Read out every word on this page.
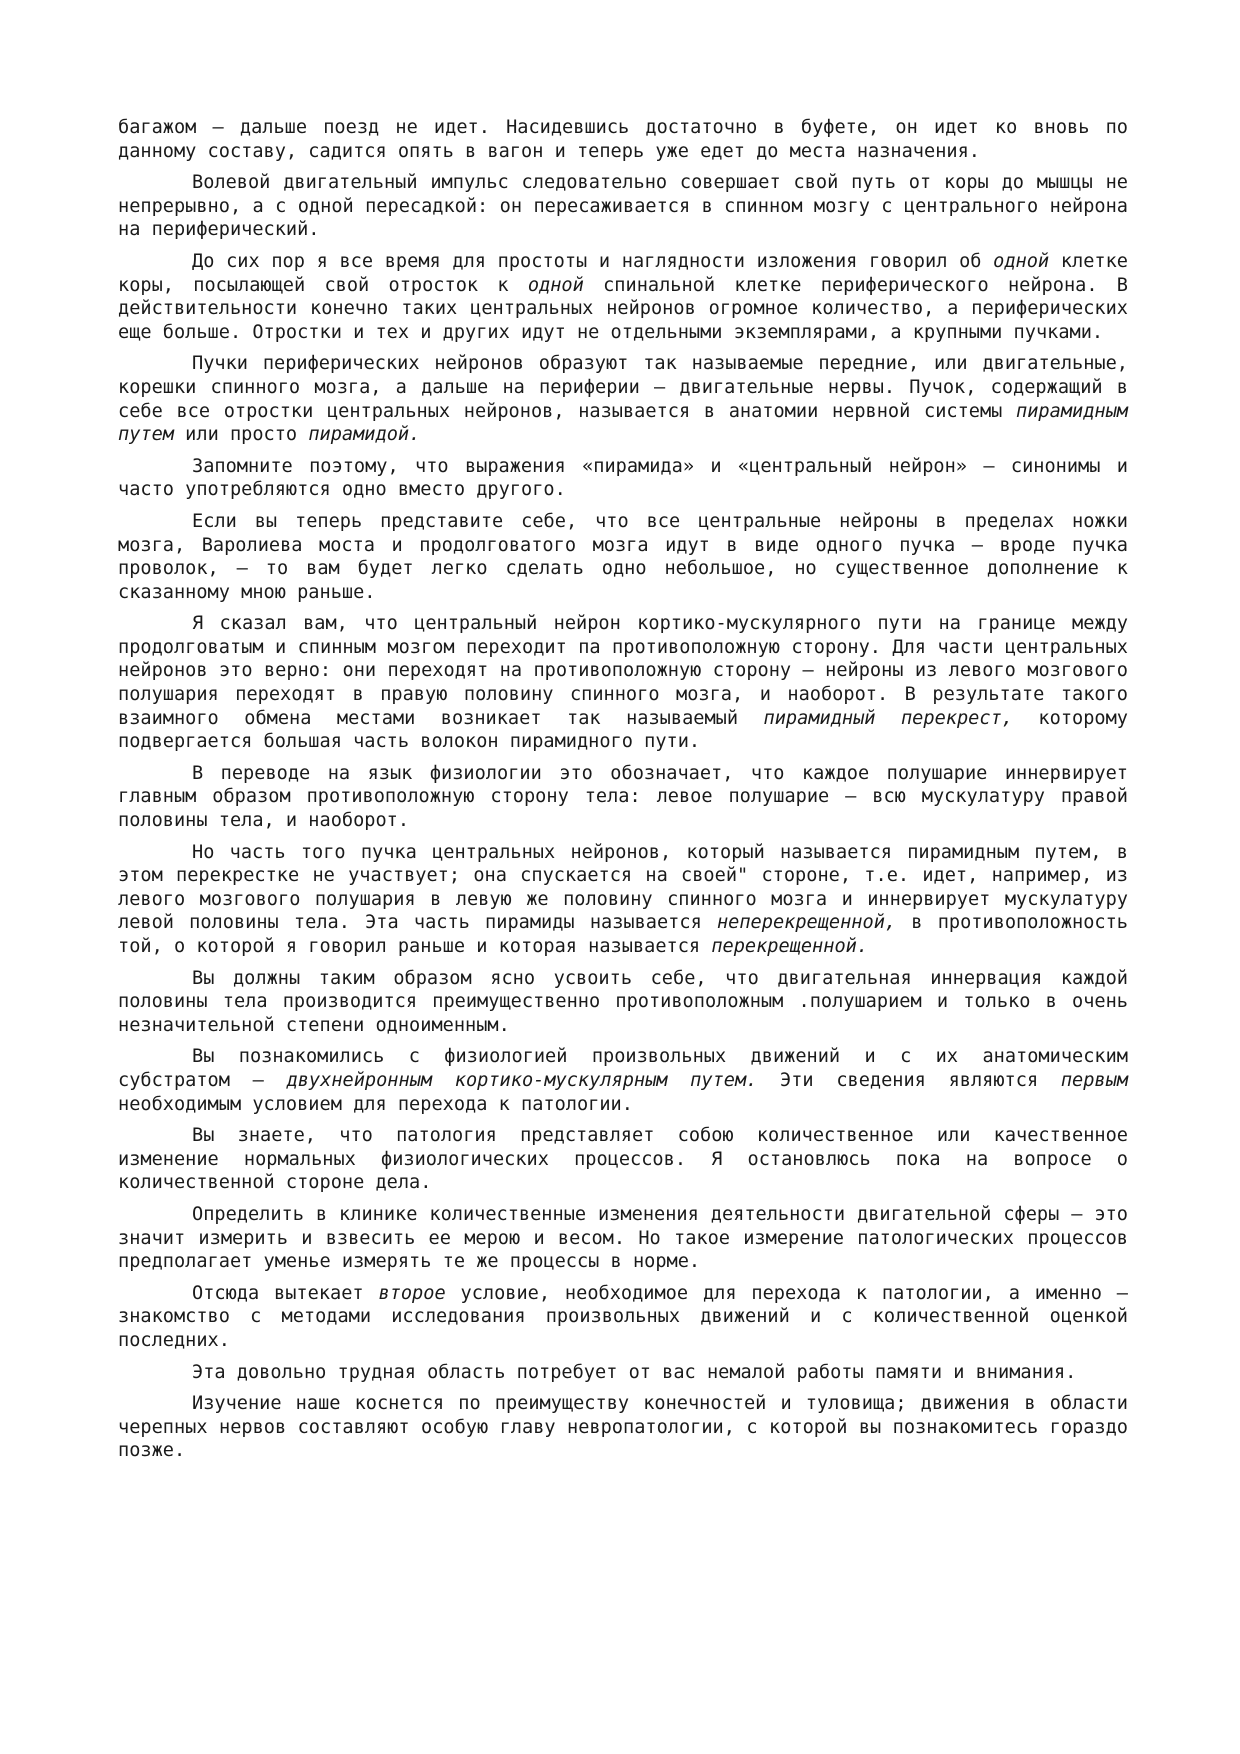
багажом — дальше поезд не идет. Насидевшись достаточно в буфете, он идет ко вновь по данному составу, садится опять в вагон и теперь уже едет до места назначения.

Волевой двигательный импульс следовательно совершает свой путь от коры до мышцы не непрерывно, а с одной пересадкой: он пересаживается в спинном мозгу с центрального нейрона на периферический.

До сих пор я все время для простоты и наглядности изложения говорил об одной клетке коры, посылающей свой отросток к одной спинальной клетке периферического нейрона. В действительности конечно таких центральных нейронов огромное количество, а периферических еще больше. Отростки и тех и других идут не отдельными экземплярами, а крупными пучками.

Пучки периферических нейронов образуют так называемые передние, или двигательные, корешки спинного мозга, а дальше на периферии — двигательные нервы. Пучок, содержащий в себе все отростки центральных нейронов, называется в анатомии нервной системы пирамидным путем или просто пирамидой.

Запомните поэтому, что выражения «пирамида» и «центральный нейрон» — синонимы и часто употребляются одно вместо другого.

Если вы теперь представите себе, что все центральные нейроны в пределах ножки мозга, Варолиева моста и продолговатого мозга идут в виде одного пучка — вроде пучка проволок, — то вам будет легко сделать одно небольшое, но существенное дополнение к сказанному мною раньше.

Я сказал вам, что центральный нейрон кортико-мускулярного пути на границе между продолговатым и спинным мозгом переходит па противоположную сторону. Для части центральных нейронов это верно: они переходят на противоположную сторону — нейроны из левого мозгового полушария переходят в правую половину спинного мозга, и наоборот. В результате такого взаимного обмена местами возникает так называемый пирамидный перекрест, которому подвергается большая часть волокон пирамидного пути.

В переводе на язык физиологии это обозначает, что каждое полушарие иннервирует главным образом противоположную сторону тела: левое полушарие — всю мускулатуру правой половины тела, и наоборот.

Но часть того пучка центральных нейронов, который называется пирамидным путем, в этом перекрестке не участвует; она спускается на своей" стороне, т.е. идет, например, из левого мозгового полушария в левую же половину спинного мозга и иннервирует мускулатуру левой половины тела. Эта часть пирамиды называется неперекрещенной, в противоположность той, о которой я говорил раньше и которая называется перекрещенной.

Вы должны таким образом ясно усвоить себе, что двигательная иннервация каждой половины тела производится преимущественно противоположным .полушарием и только в очень незначительной степени одноименным.

Вы познакомились с физиологией произвольных движений и с их анатомическим субстратом — двухнейронным кортико-мускулярным путем. Эти сведения являются первым необходимым условием для перехода к патологии.

Вы знаете, что патология представляет собою количественное или качественное изменение нормальных физиологических процессов. Я остановлюсь пока на вопросе о количественной стороне дела.

Определить в клинике количественные изменения деятельности двигательной сферы — это значит измерить и взвесить ее мерою и весом. Но такое измерение патологических процессов предполагает уменье измерять те же процессы в норме.

Отсюда вытекает второе условие, необходимое для перехода к патологии, а именно — знакомство с методами исследования произвольных движений и с количественной оценкой последних.

Эта довольно трудная область потребует от вас немалой работы памяти и внимания.

Изучение наше коснется по преимуществу конечностей и туловища; движения в области черепных нервов составляют особую главу невропатологии, с которой вы познакомитесь гораздо позже.
